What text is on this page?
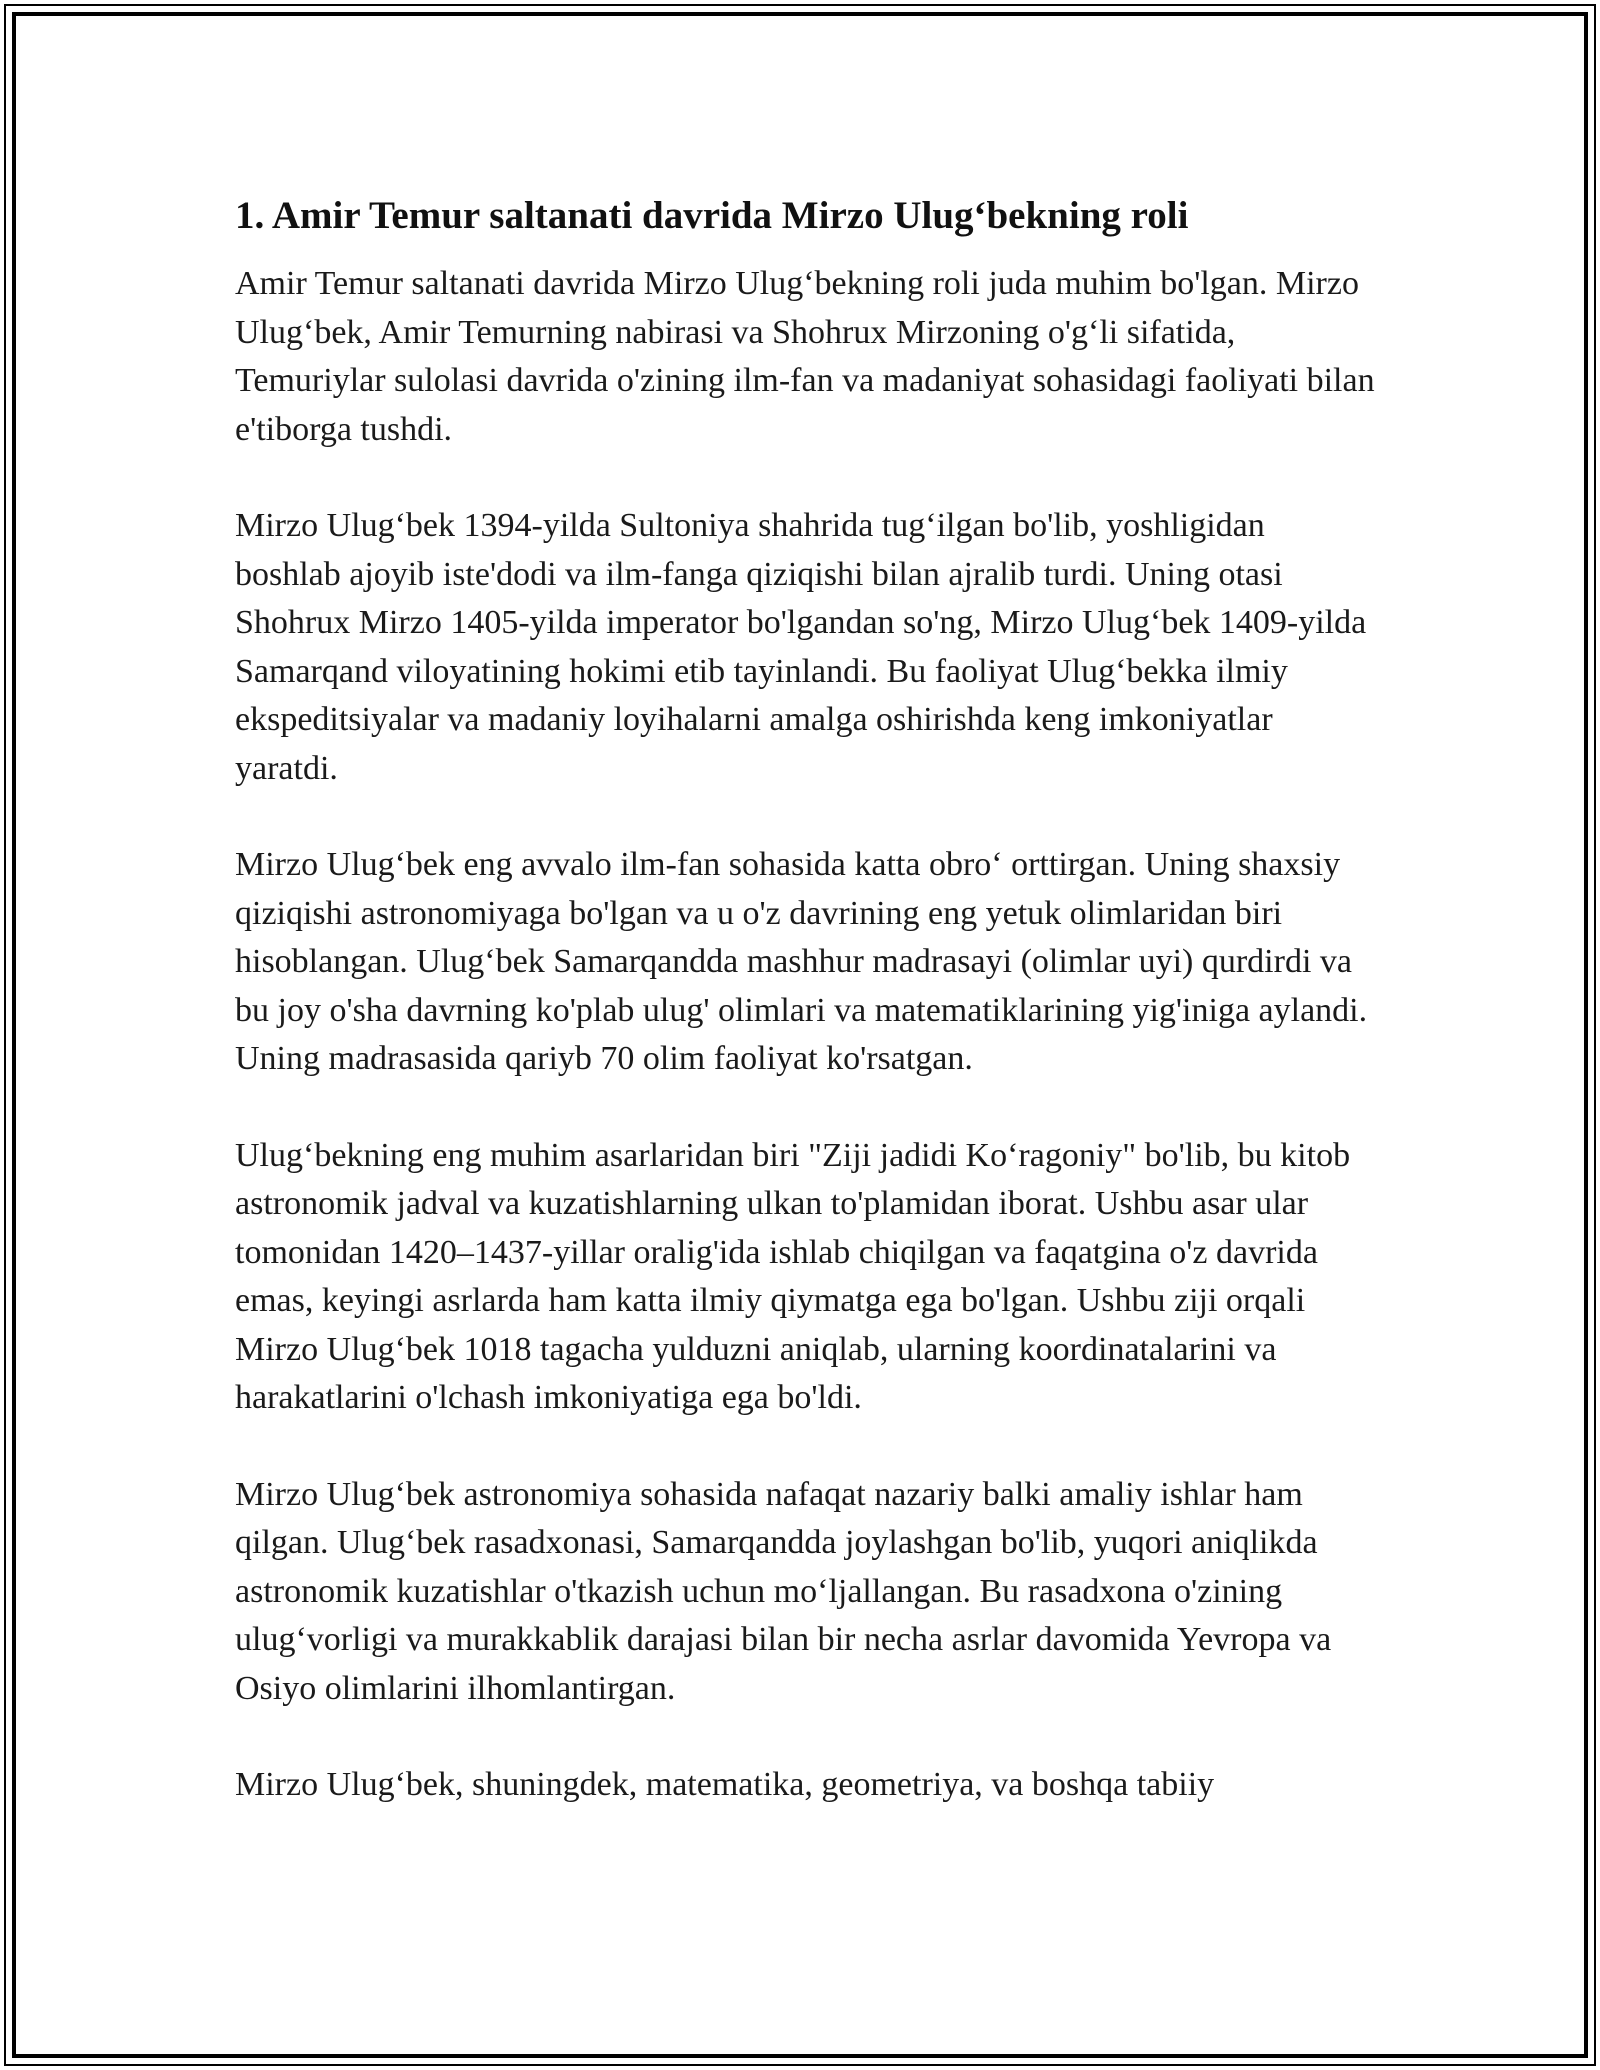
1. Amir Temur saltanati davrida Mirzo Ulug‘bekning roli

Amir Temur saltanati davrida Mirzo Ulug‘bekning roli juda muhim bo'lgan. Mirzo Ulug‘bek, Amir Temurning nabirasi va Shohrux Mirzoning o'g‘li sifatida, Temuriylar sulolasi davrida o'zining ilm-fan va madaniyat sohasidagi faoliyati bilan e'tiborga tushdi.

Mirzo Ulug‘bek 1394-yilda Sultoniya shahrida tug‘ilgan bo'lib, yoshligidan boshlab ajoyib iste'dodi va ilm-fanga qiziqishi bilan ajralib turdi. Uning otasi Shohrux Mirzo 1405-yilda imperator bo'lgandan so'ng, Mirzo Ulug‘bek 1409-yilda Samarqand viloyatining hokimi etib tayinlandi. Bu faoliyat Ulug‘bekka ilmiy ekspeditsiyalar va madaniy loyihalarni amalga oshirishda keng imkoniyatlar yaratdi.

Mirzo Ulug‘bek eng avvalo ilm-fan sohasida katta obro‘ orttirgan. Uning shaxsiy qiziqishi astronomiyaga bo'lgan va u o'z davrining eng yetuk olimlaridan biri hisoblangan. Ulug‘bek Samarqandda mashhur madrasayi (olimlar uyi) qurdirdi va bu joy o'sha davrning ko'plab ulug' olimlari va matematiklarining yig'iniga aylandi. Uning madrasasida qariyb 70 olim faoliyat ko'rsatgan.

Ulug‘bekning eng muhim asarlaridan biri "Ziji jadidi Ko‘ragoniy" bo'lib, bu kitob astronomik jadval va kuzatishlarning ulkan to'plamidan iborat. Ushbu asar ular tomonidan 1420–1437-yillar oralig'ida ishlab chiqilgan va faqatgina o'z davrida emas, keyingi asrlarda ham katta ilmiy qiymatga ega bo'lgan. Ushbu ziji orqali Mirzo Ulug‘bek 1018 tagacha yulduzni aniqlab, ularning koordinatalarini va harakatlarini o'lchash imkoniyatiga ega bo'ldi.

Mirzo Ulug‘bek astronomiya sohasida nafaqat nazariy balki amaliy ishlar ham qilgan. Ulug‘bek rasadxonasi, Samarqandda joylashgan bo'lib, yuqori aniqlikda astronomik kuzatishlar o'tkazish uchun mo‘ljallangan. Bu rasadxona o'zining ulug‘vorligi va murakkablik darajasi bilan bir necha asrlar davomida Yevropa va Osiyo olimlarini ilhomlantirgan.

Mirzo Ulug‘bek, shuningdek, matematika, geometriya, va boshqa tabiiy
